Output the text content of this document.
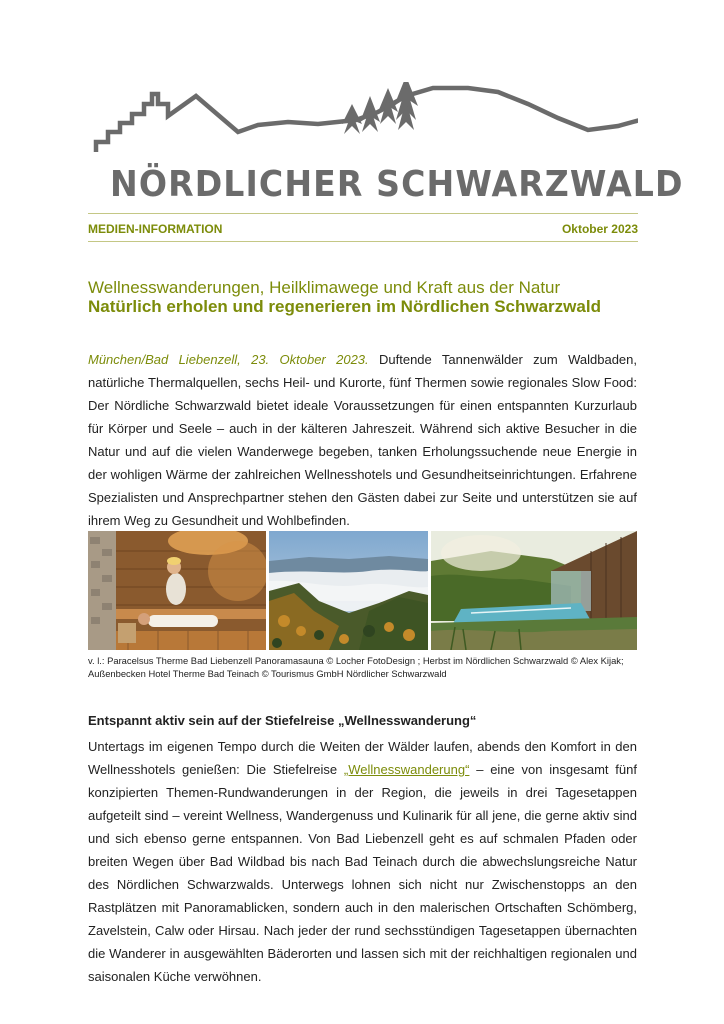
NÖRDLICHER SCHWARZWALD
MEDIEN-INFORMATION	Oktober 2023
Wellnesswanderungen, Heilklimawege und Kraft aus der Natur
Natürlich erholen und regenerieren im Nördlichen Schwarzwald
München/Bad Liebenzell, 23. Oktober 2023. Duftende Tannenwälder zum Waldbaden, natürliche Thermalquellen, sechs Heil- und Kurorte, fünf Thermen sowie regionales Slow Food: Der Nördliche Schwarzwald bietet ideale Voraussetzungen für einen entspannten Kurzurlaub für Körper und Seele – auch in der kälteren Jahreszeit. Während sich aktive Besucher in die Natur und auf die vielen Wanderwege begeben, tanken Erholungssuchende neue Energie in der wohligen Wärme der zahlreichen Wellnesshotels und Gesundheitseinrichtungen. Erfahrene Spezialisten und Ansprechpartner stehen den Gästen dabei zur Seite und unterstützen sie auf ihrem Weg zu Gesundheit und Wohlbefinden.
v. l.: Paracelsus Therme Bad Liebenzell Panoramasauna © Locher FotoDesign ; Herbst im Nördlichen Schwarzwald © Alex Kijak; Außenbecken Hotel Therme Bad Teinach © Tourismus GmbH Nördlicher Schwarzwald
Entspannt aktiv sein auf der Stiefelreise „Wellnesswanderung“
Untertags im eigenen Tempo durch die Weiten der Wälder laufen, abends den Komfort in den Wellnesshotels genießen: Die Stiefelreise „Wellnesswanderung“ – eine von insgesamt fünf konzipierten Themen-Rundwanderungen in der Region, die jeweils in drei Tagesetappen aufgeteilt sind – vereint Wellness, Wandergenuss und Kulinarik für all jene, die gerne aktiv sind und sich ebenso gerne entspannen. Von Bad Liebenzell geht es auf schmalen Pfaden oder breiten Wegen über Bad Wildbad bis nach Bad Teinach durch die abwechslungsreiche Natur des Nördlichen Schwarzwalds. Unterwegs lohnen sich nicht nur Zwischenstopps an den Rastplätzen mit Panoramablicken, sondern auch in den malerischen Ortschaften Schömberg, Zavelstein, Calw oder Hirsau. Nach jeder der rund sechsstündigen Tagesetappen übernachten die Wanderer in ausgewählten Bäderorten und lassen sich mit der reichhaltigen regionalen und saisonalen Küche verwöhnen.
